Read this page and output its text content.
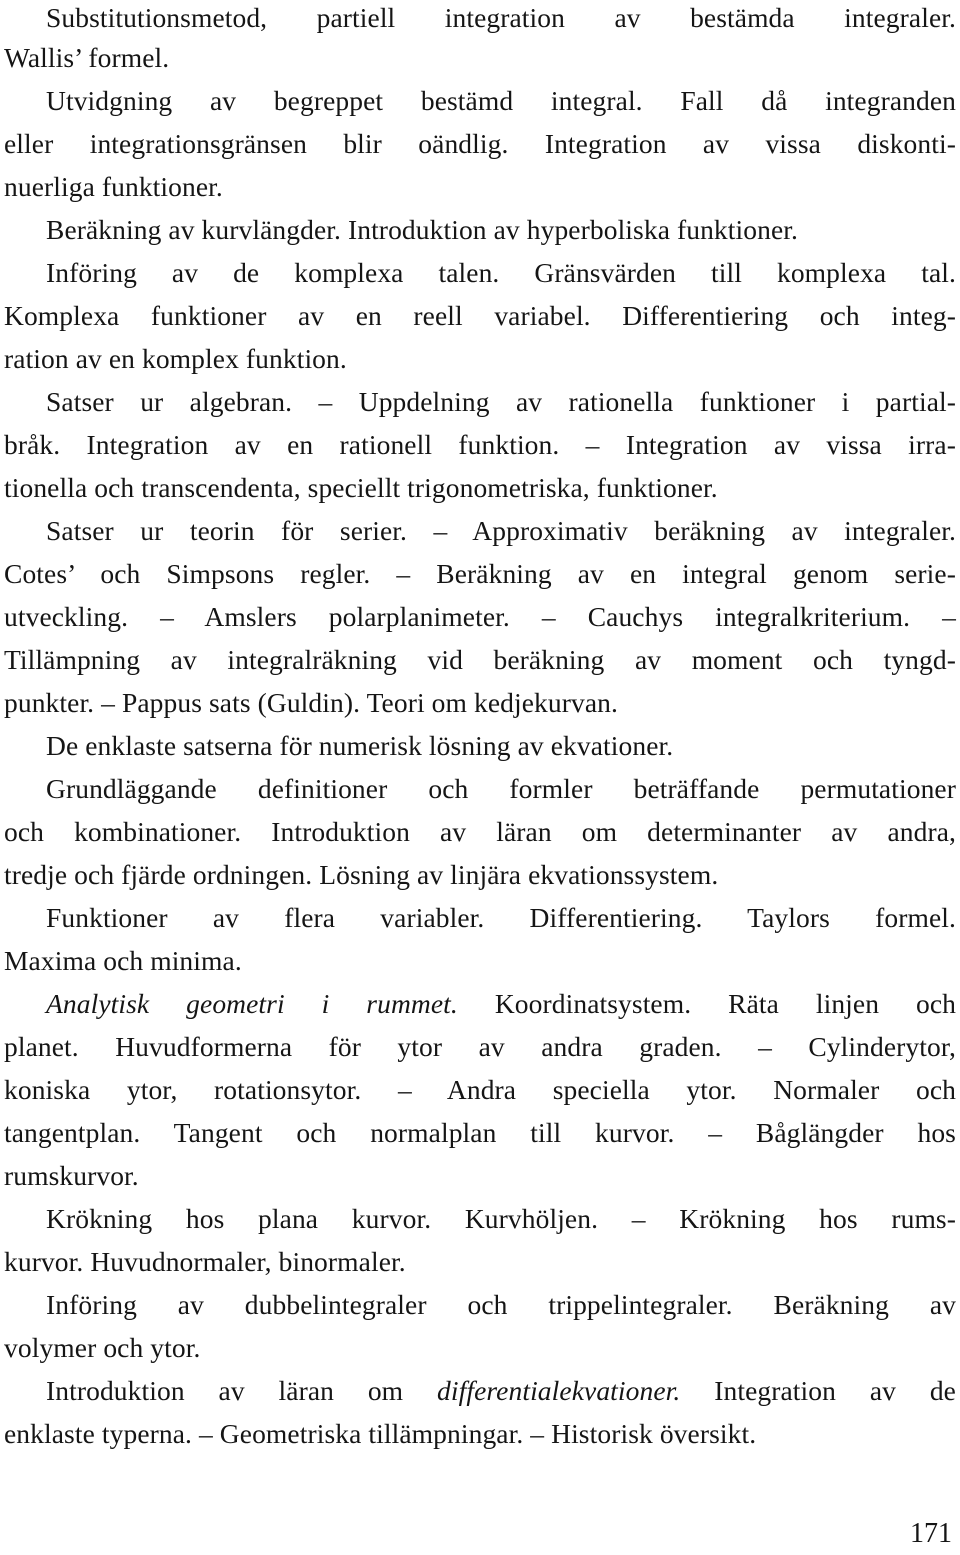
Substitutionsmetod, partiell integration av bestämda integraler.
Wallis’ formel.
Utvidgning av begreppet bestämd integral. Fall då integranden
eller integrationsgränsen blir oändlig. Integration av vissa diskonti-
nuerliga funktioner.
Beräkning av kurvlängder. Introduktion av hyperboliska funktioner.
Införing av de komplexa talen. Gränsvärden till komplexa tal.
Komplexa funktioner av en reell variabel. Differentiering och integ-
ration av en komplex funktion.
Satser ur algebran. – Uppdelning av rationella funktioner i partial-
bråk. Integration av en rationell funktion. – Integration av vissa irra-
tionella och transcendenta, speciellt trigonometriska, funktioner.
Satser ur teorin för serier. – Approximativ beräkning av integraler.
Cotes’ och Simpsons regler. – Beräkning av en integral genom serie-
utveckling. – Amslers polarplanimeter. – Cauchys integralkriterium. –
Tillämpning av integralräkning vid beräkning av moment och tyngd-
punkter. – Pappus sats (Guldin). Teori om kedjekurvan.
De enklaste satserna för numerisk lösning av ekvationer.
Grundläggande definitioner och formler beträffande permutationer
och kombinationer. Introduktion av läran om determinanter av andra,
tredje och fjärde ordningen. Lösning av linjära ekvationssystem.
Funktioner av flera variabler. Differentiering. Taylors formel.
Maxima och minima.
Analytisk geometri i rummet. Koordinatsystem. Räta linjen och
planet. Huvudformerna för ytor av andra graden. – Cylinderytor,
koniska ytor, rotationsytor. – Andra speciella ytor. Normaler och
tangentplan. Tangent och normalplan till kurvor. – Båglängder hos
rumskurvor.
Krökning hos plana kurvor. Kurvhöljen. – Krökning hos rums-
kurvor. Huvudnormaler, binormaler.
Införing av dubbelintegraler och trippelintegraler. Beräkning av
volymer och ytor.
Introduktion av läran om differentialekvationer. Integration av de
enklaste typerna. – Geometriska tillämpningar. – Historisk översikt.
171
